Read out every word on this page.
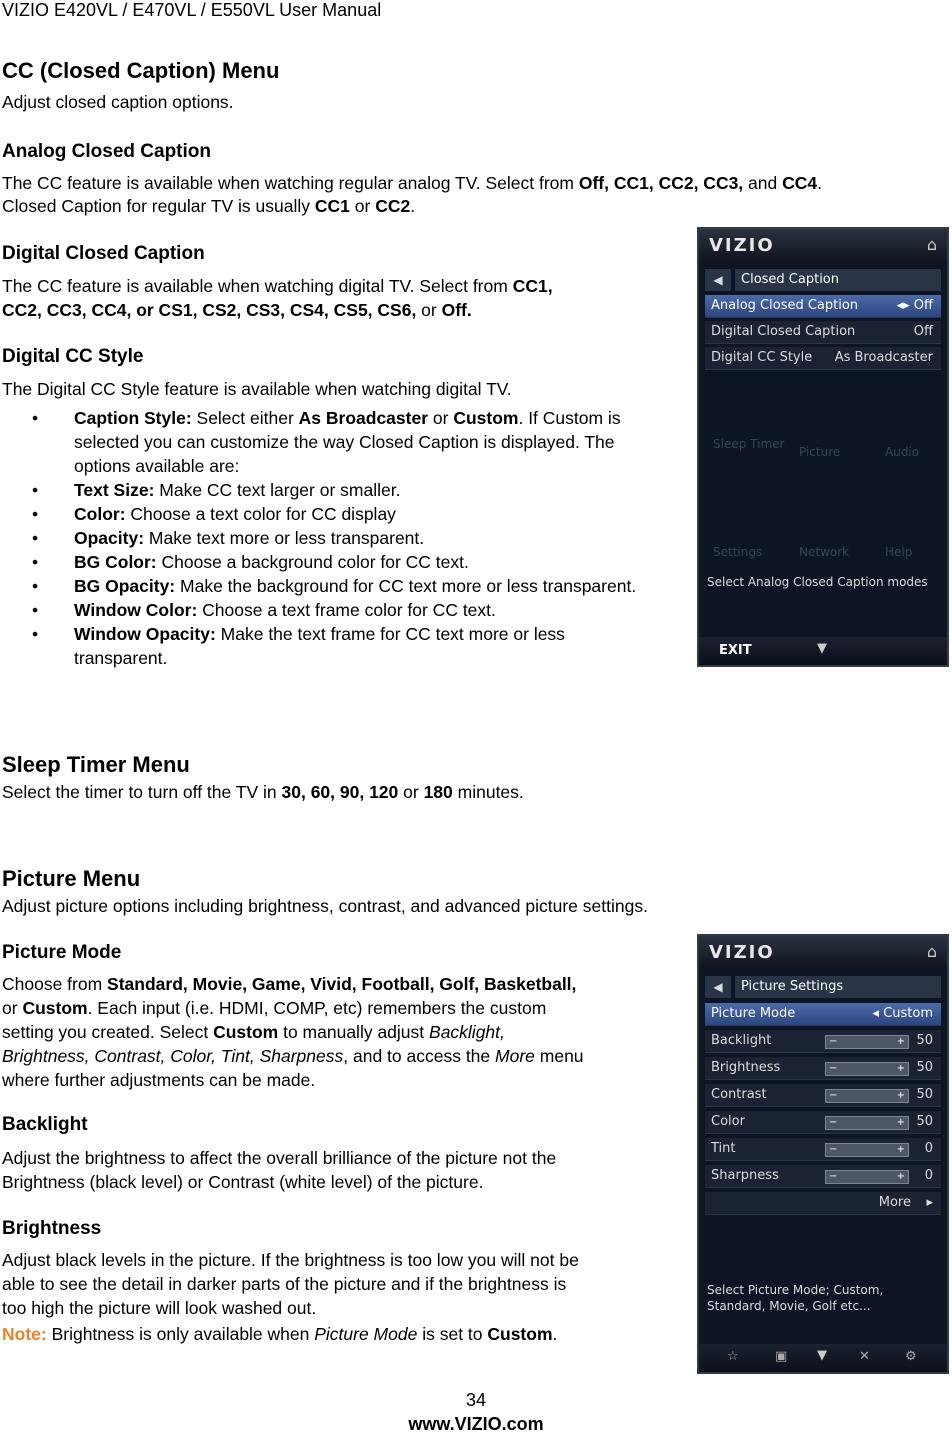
VIZIO E420VL / E470VL / E550VL User Manual
CC (Closed Caption) Menu
Adjust closed caption options.
Analog Closed Caption
The CC feature is available when watching regular analog TV. Select from Off, CC1, CC2, CC3, and CC4.
Closed Caption for regular TV is usually CC1 or CC2.
Digital Closed Caption
The CC feature is available when watching digital TV. Select from CC1,
CC2, CC3, CC4, or CS1, CS2, CS3, CS4, CS5, CS6, or Off.
Digital CC Style
The Digital CC Style feature is available when watching digital TV.
• Caption Style: Select either As Broadcaster or Custom. If Custom is selected you can customize the way Closed Caption is displayed. The options available are:
• Text Size: Make CC text larger or smaller.
• Color: Choose a text color for CC display
• Opacity: Make text more or less transparent.
• BG Color: Choose a background color for CC text.
• BG Opacity: Make the background for CC text more or less transparent.
• Window Color: Choose a text frame color for CC text.
• Window Opacity: Make the text frame for CC text more or less transparent.
VIZIO	⌂
◀	Closed Caption
Analog Closed Caption	◂▸ Off
Digital Closed Caption	Off
Digital CC Style As Broadcaster
Sleep Timer
Picture	Audio
Settings	Network	Help
Select Analog Closed Caption modes
EXIT	▼
Sleep Timer Menu
Select the timer to turn off the TV in 30, 60, 90, 120 or 180 minutes.
Picture Menu
Adjust picture options including brightness, contrast, and advanced picture settings.
Picture Mode
Choose from Standard, Movie, Game, Vivid, Football, Golf, Basketball,
or Custom. Each input (i.e. HDMI, COMP, etc) remembers the custom
setting you created. Select Custom to manually adjust Backlight,
Brightness, Contrast, Color, Tint, Sharpness, and to access the More menu
where further adjustments can be made.
Backlight
Adjust the brightness to affect the overall brilliance of the picture not the
Brightness (black level) or Contrast (white level) of the picture.
Brightness
Adjust black levels in the picture. If the brightness is too low you will not be
able to see the detail in darker parts of the picture and if the brightness is
too high the picture will look washed out.
Note: Brightness is only available when Picture Mode is set to Custom.
VIZIO	⌂
◀	Picture Settings
Picture Mode	◂ Custom
Backlight	−	+ 50
Brightness	−	+ 50
Contrast	−	+ 50
Color	−	+ 50
Tint	−	+ 0
Sharpness	−	+ 0
More ▸
Select Picture Mode; Custom, Standard, Movie, Golf etc...
☆	▣ ▼ ✕	⚙
34
www.VIZIO.com
